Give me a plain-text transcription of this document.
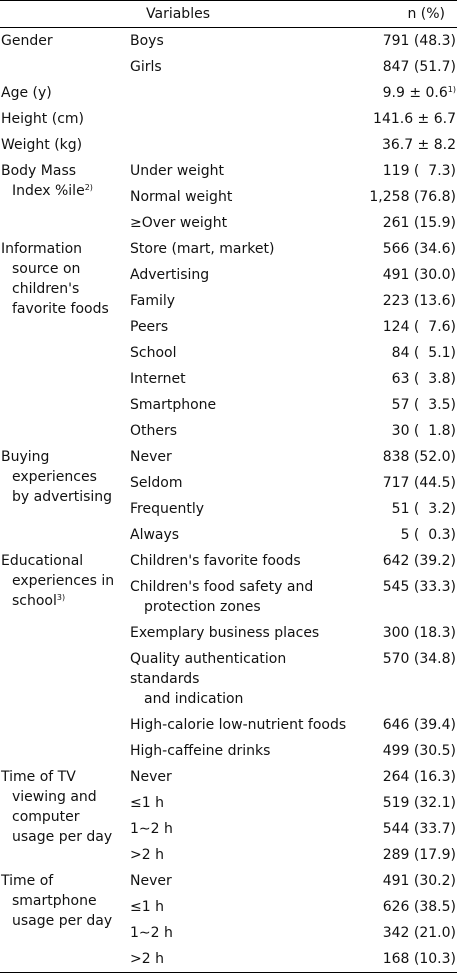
Variables		n (%)

Gender	Boys	791 (48.3)
	Girls	847 (51.7)

Age (y)		$9.9 \pm 0.6^{1)}$

Height (cm)		141.6 ± 6.7

Weight (kg)		36.7 ± 8.2

Body Mass
Index %ile$^{2)}$	Under weight	119 (  7.3)
	Normal weight	1,258 (76.8)
	≥Over weight	261 (15.9)

Information
source on
children's
favorite foods	Store (mart, market)	566 (34.6)
	Advertising	491 (30.0)
	Family	223 (13.6)
	Peers	124 (  7.6)
	School	84 (  5.1)
	Internet	63 (  3.8)
	Smartphone	57 (  3.5)
	Others	30 (  1.8)

Buying
experiences
by advertising	Never	838 (52.0)
	Seldom	717 (44.5)
	Frequently	51 (  3.2)
	Always	5 (  0.3)

Educational
experiences in
school$^{3)}$	Children's favorite foods	642 (39.2)
	Children's food safety and
protection zones	545 (33.3)
	Exemplary business places	300 (18.3)
	Quality authentication standards
and indication	570 (34.8)
	High-calorie low-nutrient foods	646 (39.4)
	High-caffeine drinks	499 (30.5)

Time of TV
viewing and
computer
usage per day	Never	264 (16.3)
	≤1 h	519 (32.1)
	1∼2 h	544 (33.7)
	>2 h	289 (17.9)

Time of
smartphone
usage per day	Never	491 (30.2)
	≤1 h	626 (38.5)
	1∼2 h	342 (21.0)
	>2 h	168 (10.3)
